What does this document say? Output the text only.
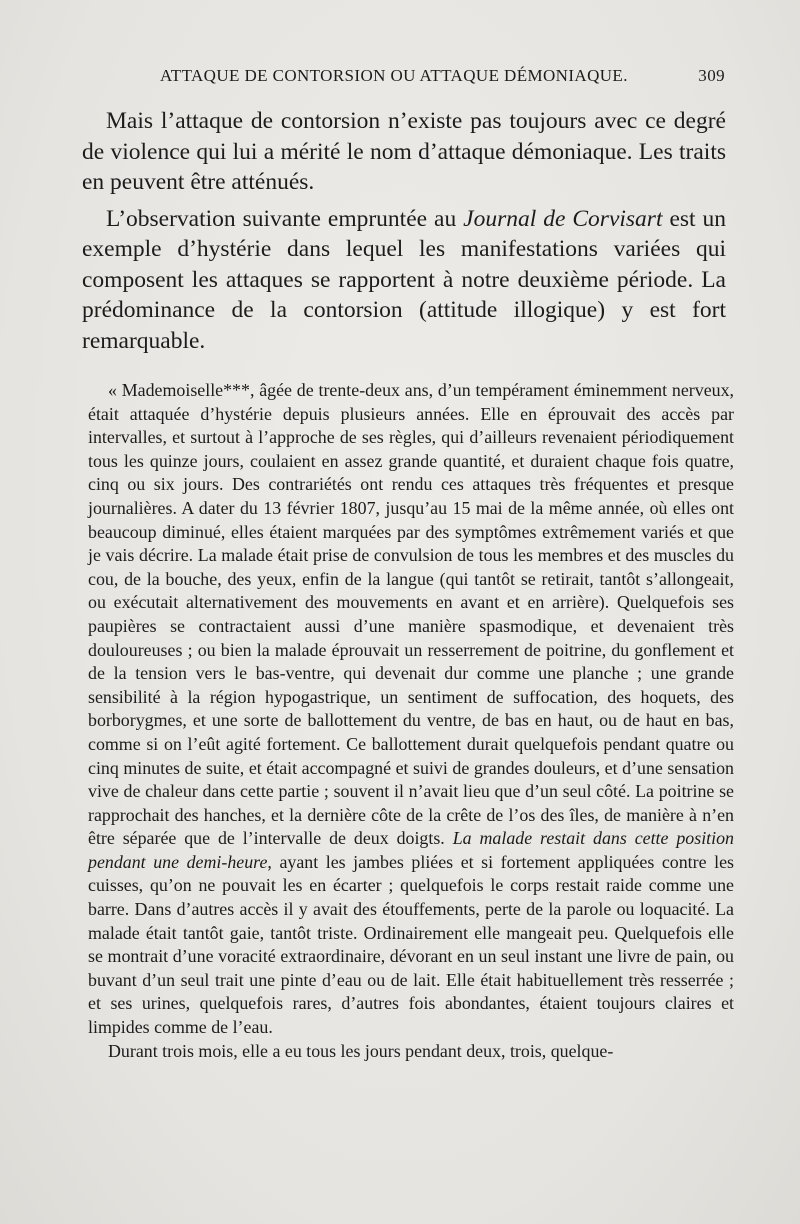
ATTAQUE DE CONTORSION OU ATTAQUE DÉMONIAQUE.	309

Mais l’attaque de contorsion n’existe pas toujours avec ce degré de violence qui lui a mérité le nom d’attaque démoniaque. Les traits en peuvent être atténués.

L’observation suivante empruntée au Journal de Corvisart est un exemple d’hystérie dans lequel les manifestations variées qui composent les attaques se rapportent à notre deuxième période. La prédominance de la contorsion (attitude illogique) y est fort remarquable.

« Mademoiselle***, âgée de trente-deux ans, d’un tempérament éminemment nerveux, était attaquée d’hystérie depuis plusieurs années. Elle en éprouvait des accès par intervalles, et surtout à l’approche de ses règles, qui d’ailleurs revenaient périodiquement tous les quinze jours, coulaient en assez grande quantité, et duraient chaque fois quatre, cinq ou six jours. Des contrariétés ont rendu ces attaques très fréquentes et presque journalières. A dater du 13 février 1807, jusqu’au 15 mai de la même année, où elles ont beaucoup diminué, elles étaient marquées par des symptômes extrêmement variés et que je vais décrire. La malade était prise de convulsion de tous les membres et des muscles du cou, de la bouche, des yeux, enfin de la langue (qui tantôt se retirait, tantôt s’allongeait, ou exécutait alternativement des mouvements en avant et en arrière). Quelquefois ses paupières se contractaient aussi d’une manière spasmodique, et devenaient très douloureuses ; ou bien la malade éprouvait un resserrement de poitrine, du gonflement et de la tension vers le bas-ventre, qui devenait dur comme une planche ; une grande sensibilité à la région hypogastrique, un sentiment de suffocation, des hoquets, des borborygmes, et une sorte de ballottement du ventre, de bas en haut, ou de haut en bas, comme si on l’eût agité fortement. Ce ballottement durait quelquefois pendant quatre ou cinq minutes de suite, et était accompagné et suivi de grandes douleurs, et d’une sensation vive de chaleur dans cette partie ; souvent il n’avait lieu que d’un seul côté. La poitrine se rapprochait des hanches, et la dernière côte de la crête de l’os des îles, de manière à n’en être séparée que de l’intervalle de deux doigts. La malade restait dans cette position pendant une demi-heure, ayant les jambes pliées et si fortement appliquées contre les cuisses, qu’on ne pouvait les en écarter ; quelquefois le corps restait raide comme une barre. Dans d’autres accès il y avait des étouffements, perte de la parole ou loquacité. La malade était tantôt gaie, tantôt triste. Ordinairement elle mangeait peu. Quelquefois elle se montrait d’une voracité extraordinaire, dévorant en un seul instant une livre de pain, ou buvant d’un seul trait une pinte d’eau ou de lait. Elle était habituellement très resserrée ; et ses urines, quelquefois rares, d’autres fois abondantes, étaient toujours claires et limpides comme de l’eau.

Durant trois mois, elle a eu tous les jours pendant deux, trois, quelque-
